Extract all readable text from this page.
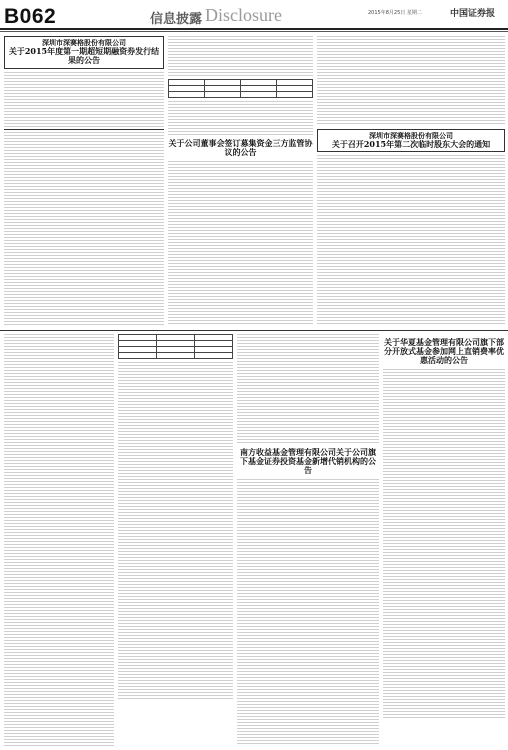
B062	信息披露 Disclosure	2015年8月25日 星期二	中国证券报
深圳市深赛格股份有限公司
关于2015年度第一期超短期融资券发行结果的公告

关于公司董事会签订募集资金三方监管协议的公告
深圳市深赛格股份有限公司
关于召开2015年第二次临时股东大会的通知

南方收益基金管理有限公司关于公司旗下基金证券投资基金新增代销机构的公告
关于华夏基金管理有限公司旗下部分开放式基金参加网上直销费率优惠活动的公告
